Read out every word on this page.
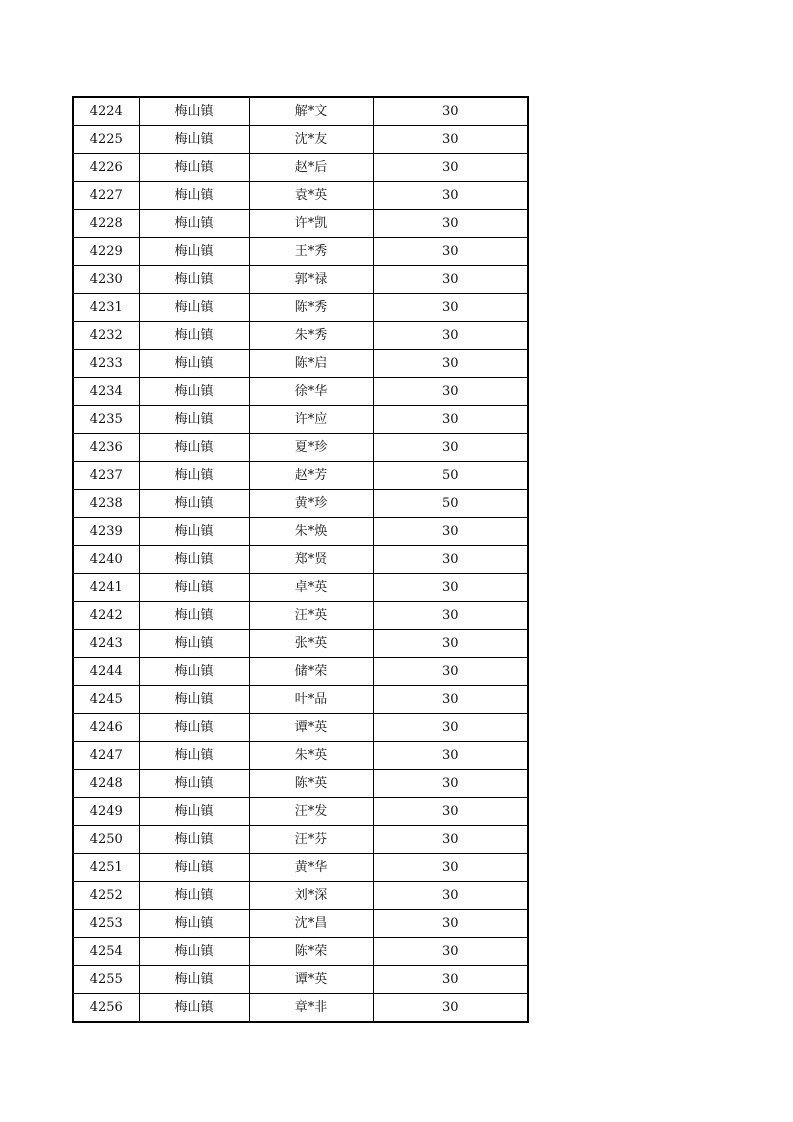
4224	梅山镇	解*文	30
4225	梅山镇	沈*友	30
4226	梅山镇	赵*后	30
4227	梅山镇	袁*英	30
4228	梅山镇	许*凯	30
4229	梅山镇	王*秀	30
4230	梅山镇	郭*禄	30
4231	梅山镇	陈*秀	30
4232	梅山镇	朱*秀	30
4233	梅山镇	陈*启	30
4234	梅山镇	徐*华	30
4235	梅山镇	许*应	30
4236	梅山镇	夏*珍	30
4237	梅山镇	赵*芳	50
4238	梅山镇	黄*珍	50
4239	梅山镇	朱*焕	30
4240	梅山镇	郑*贤	30
4241	梅山镇	卓*英	30
4242	梅山镇	汪*英	30
4243	梅山镇	张*英	30
4244	梅山镇	储*荣	30
4245	梅山镇	叶*品	30
4246	梅山镇	谭*英	30
4247	梅山镇	朱*英	30
4248	梅山镇	陈*英	30
4249	梅山镇	汪*发	30
4250	梅山镇	汪*芬	30
4251	梅山镇	黄*华	30
4252	梅山镇	刘*深	30
4253	梅山镇	沈*昌	30
4254	梅山镇	陈*荣	30
4255	梅山镇	谭*英	30
4256	梅山镇	章*非	30
